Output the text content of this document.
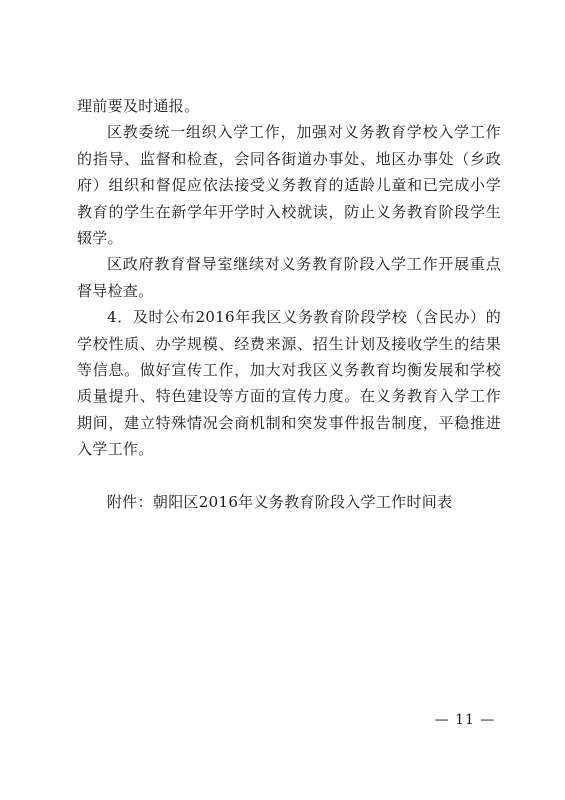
理前要及时通报。

区教委统一组织入学工作，加强对义务教育学校入学工作的指导、监督和检查，会同各街道办事处、地区办事处（乡政府）组织和督促应依法接受义务教育的适龄儿童和已完成小学教育的学生在新学年开学时入校就读，防止义务教育阶段学生辍学。

区政府教育督导室继续对义务教育阶段入学工作开展重点督导检查。

4．及时公布2016年我区义务教育阶段学校（含民办）的学校性质、办学规模、经费来源、招生计划及接收学生的结果等信息。做好宣传工作，加大对我区义务教育均衡发展和学校质量提升、特色建设等方面的宣传力度。在义务教育入学工作期间，建立特殊情况会商机制和突发事件报告制度，平稳推进入学工作。

附件：朝阳区2016年义务教育阶段入学工作时间表

— 11 —
